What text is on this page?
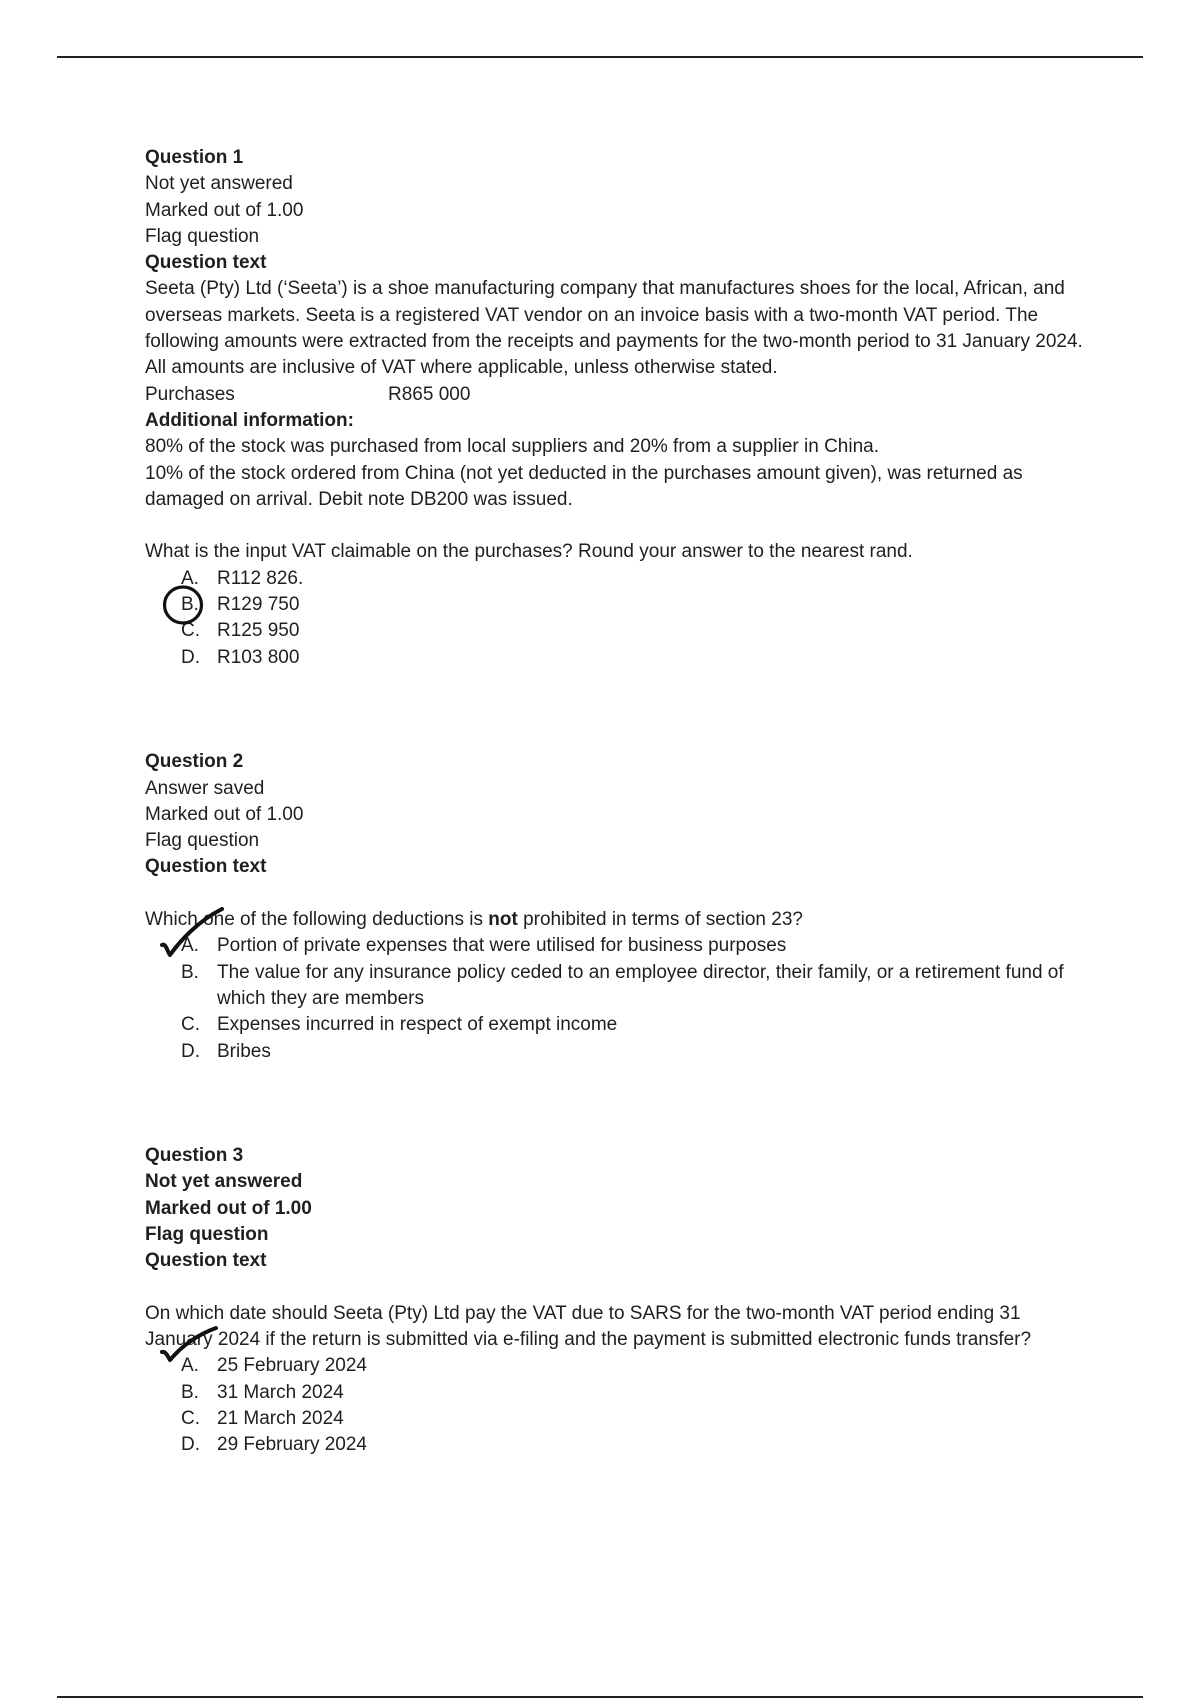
Question 1
Not yet answered
Marked out of 1.00
Flag question
Question text
Seeta (Pty) Ltd (‘Seeta’) is a shoe manufacturing company that manufactures shoes for the local, African, and overseas markets. Seeta is a registered VAT vendor on an invoice basis with a two-month VAT period. The following amounts were extracted from the receipts and payments for the two-month period to 31 January 2024. All amounts are inclusive of VAT where applicable, unless otherwise stated.
Purchases	R865 000
Additional information:
80% of the stock was purchased from local suppliers and 20% from a supplier in China.
10% of the stock ordered from China (not yet deducted in the purchases amount given), was returned as damaged on arrival. Debit note DB200 was issued.
What is the input VAT claimable on the purchases? Round your answer to the nearest rand.
A. R112 826.
B. R129 750
C. R125 950
D. R103 800
Question 2
Answer saved
Marked out of 1.00
Flag question
Question text
Which one of the following deductions is not prohibited in terms of section 23?
A. Portion of private expenses that were utilised for business purposes
B. The value for any insurance policy ceded to an employee director, their family, or a retirement fund of which they are members
C. Expenses incurred in respect of exempt income
D. Bribes
Question 3
Not yet answered
Marked out of 1.00
Flag question
Question text
On which date should Seeta (Pty) Ltd pay the VAT due to SARS for the two-month VAT period ending 31 January 2024 if the return is submitted via e-filing and the payment is submitted electronic funds transfer?
A. 25 February 2024
B. 31 March 2024
C. 21 March 2024
D. 29 February 2024
